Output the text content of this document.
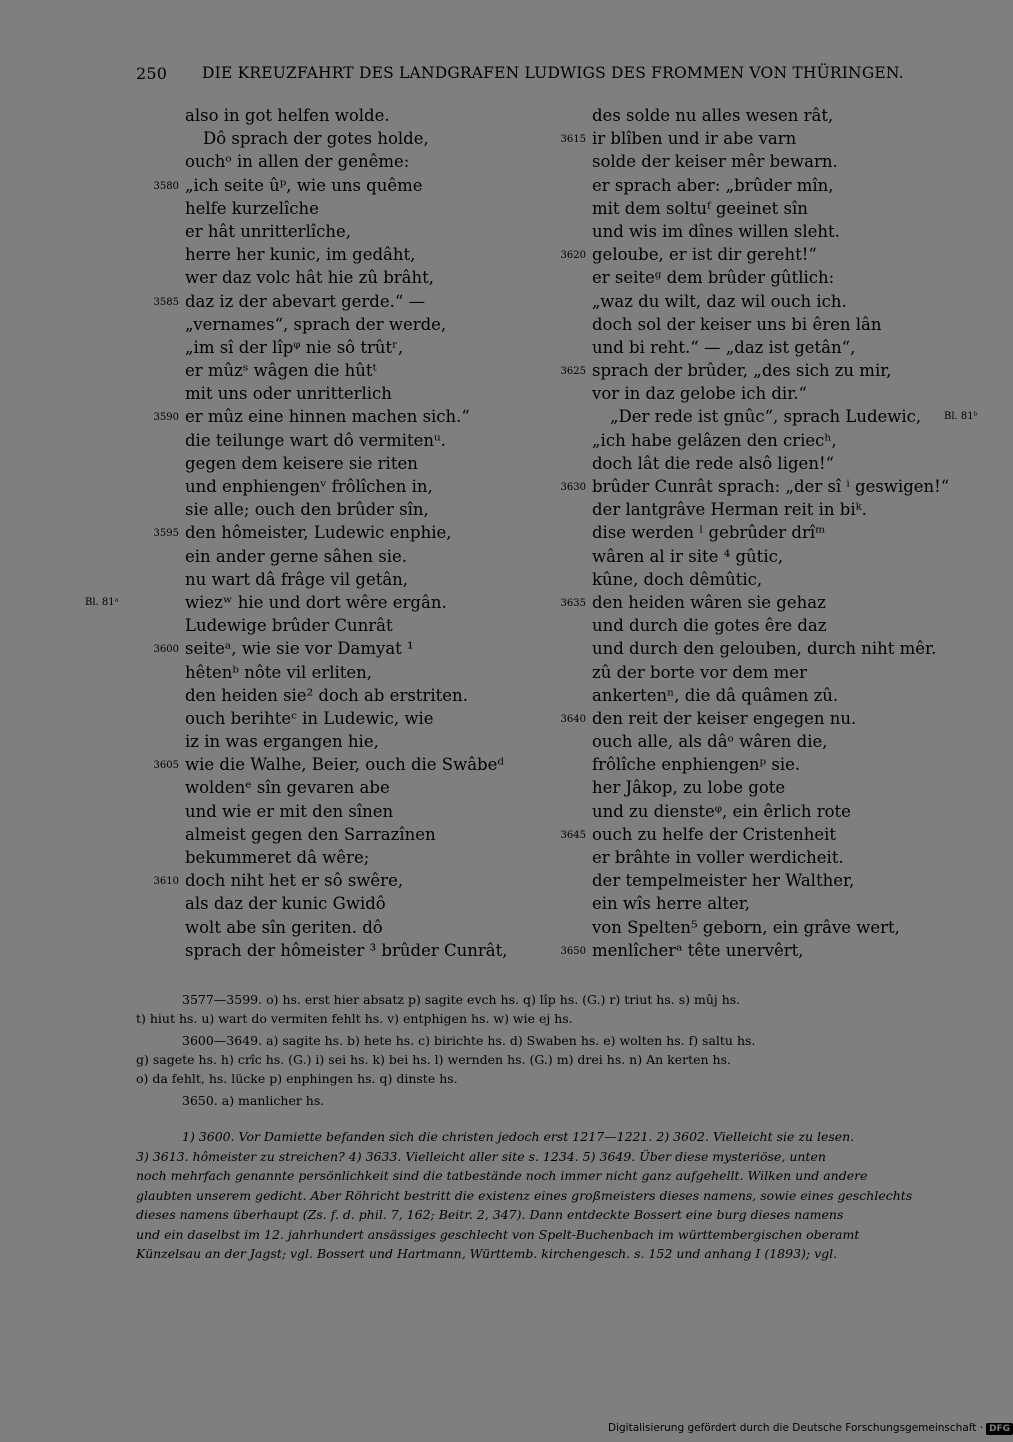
250 DIE KREUZFAHRT DES LANDGRAFEN LUDWIGS DES FROMMEN VON THÜRINGEN.
also in got helfen wolde.
Dô sprach der gotes holde,
ouchᵒ in allen der genême:
3580 „ich seite ûᵖ, wie uns quême
helfe kurzelîche
er hât unritterlîche,
herre her kunic, im gedâht,
wer daz volc hât hie zû brâht,
3585 daz iz der abevart gerde.“ —
„vernames“, sprach der werde,
„im sî der lîpᵠ nie sô trûtʳ,
er mûzˢ wâgen die hûtᵗ
mit uns oder unritterlich
3590 er mûz eine hinnen machen sich.“
die teilunge wart dô vermitenᵘ.
gegen dem keisere sie riten
und enphiengenᵛ frôlîchen in,
sie alle; ouch den brûder sîn,
3595 den hômeister, Ludewic enphie,
ein ander gerne sâhen sie.
nu wart dâ frâge vil getân,
wiezʷ hie und dort wêre ergân.
Bl. 81ᵃ
Ludewige brûder Cunrât
3600 seiteᵃ, wie sie vor Damyat ¹
hêtenᵇ nôte vil erliten,
den heiden sie² doch ab erstriten.
ouch berihteᶜ in Ludewic, wie
iz in was ergangen hie,
3605 wie die Walhe, Beier, ouch die Swâbeᵈ
woldenᵉ sîn gevaren abe
und wie er mit den sînen
almeist gegen den Sarrazînen
bekummeret dâ wêre;
3610 doch niht het er sô swêre,
als daz der kunic Gwidô
wolt abe sîn geriten. dô
sprach der hômeister ³ brûder Cunrât,
des solde nu alles wesen rât,
3615 ir blîben und ir abe varn
solde der keiser mêr bewarn.
er sprach aber: „brûder mîn,
mit dem soltuᶠ geeinet sîn
und wis im dînes willen sleht.
3620 geloube, er ist dir gereht!“
er seiteᵍ dem brûder gûtlich:
„waz du wilt, daz wil ouch ich.
doch sol der keiser uns bi êren lân
und bi reht.“ — „daz ist getân“,
3625 sprach der brûder, „des sich zu mir,
vor in daz gelobe ich dir.“
„Der rede ist gnûc“, sprach Ludewic, Bl. 81ᵇ
„ich habe gelâzen den criecʰ,
doch lât die rede alsô ligen!“
3630 brûder Cunrât sprach: „der sî ⁱ geswigen!“
der lantgrâve Herman reit in biᵏ.
dise werden ˡ gebrûder drîᵐ
wâren al ir site ⁴ gûtic,
kûne, doch dêmûtic,
3635 den heiden wâren sie gehaz
und durch die gotes êre daz
und durch den gelouben, durch niht mêr.
zû der borte vor dem mer
ankertenⁿ, die dâ quâmen zû.
3640 den reit der keiser engegen nu.
ouch alle, als dâᵒ wâren die,
frôlîche enphiengenᵖ sie.
her Jâkop, zu lobe gote
und zu diensteᵠ, ein êrlich rote
3645 ouch zu helfe der Cristenheit
er brâhte in voller werdicheit.
der tempelmeister her Walther,
ein wîs herre alter,
von Spelten⁵ geborn, ein grâve wert,
3650 menlîcherᵃ têtе unervêrt,

3577—3599. o) hs. erst hier absatz p) sagite evch hs. q) lîp hs. (G.) r) triut hs. s) mûj hs.

t) hiut hs. u) wart do vermiten fehlt hs. v) entphigen hs. w) wie ej hs.

3600—3649. a) sagite hs. b) hete hs. c) birichte hs. d) Swaben hs. e) wolten hs. f) saltu hs.

g) sagete hs. h) crîc hs. (G.) i) sei hs. k) bei hs. l) wernden hs. (G.) m) drei hs. n) An kerten hs.

o) da fehlt, hs. lücke p) enphingen hs. q) dinste hs.

3650. a) manlicher hs.

1) 3600. Vor Damiette befanden sich die christen jedoch erst 1217—1221. 2) 3602. Vielleicht sie zu lesen.

3) 3613. hômeister zu streichen? 4) 3633. Vielleicht aller site s. 1234. 5) 3649. Über diese mysteriöse, unten

noch mehrfach genannte persönlichkeit sind die tatbestände noch immer nicht ganz aufgehellt. Wilken und andere

glaubten unserem gedicht. Aber Röhricht bestritt die existenz eines großmeisters dieses namens, sowie eines geschlechts

dieses namens überhaupt (Zs. f. d. phil. 7, 162; Beitr. 2, 347). Dann entdeckte Bossert eine burg dieses namens

und ein daselbst im 12. jahrhundert ansässiges geschlecht von Spelt-Buchenbach im württembergischen oberamt

Künzelsau an der Jagst; vgl. Bossert und Hartmann, Württemb. kirchengesch. s. 152 und anhang I (1893); vgl.

Digitalisierung gefördert durch die Deutsche Forschungsgemeinschaft · DFG
